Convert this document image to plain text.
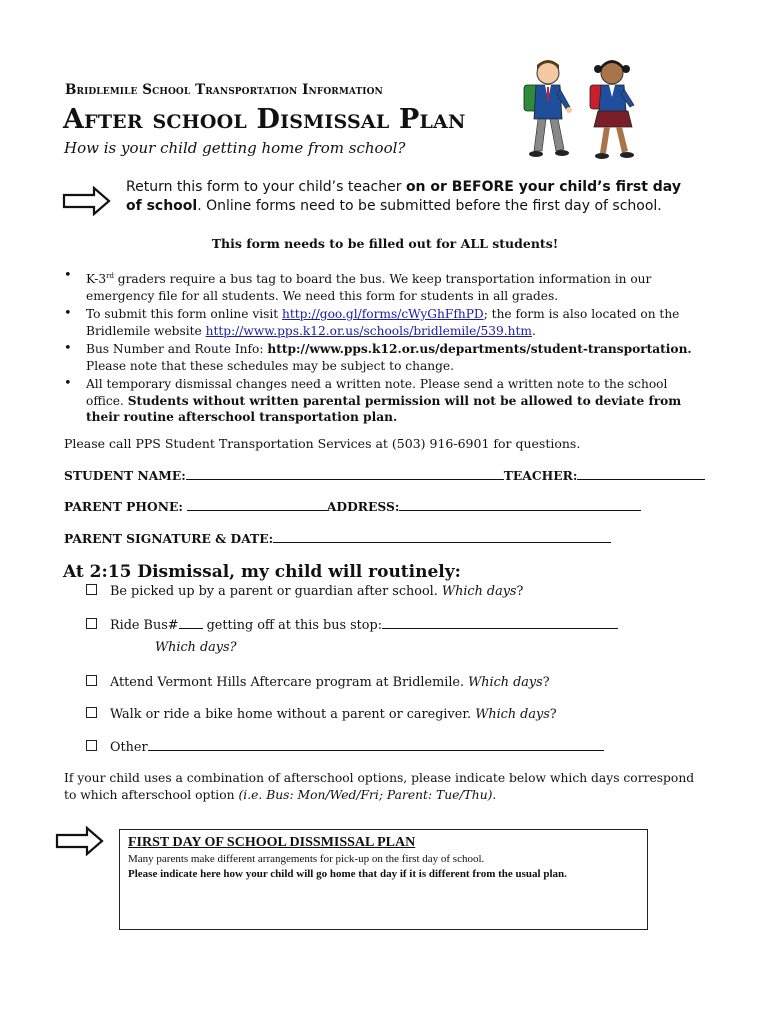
Bridlemile School Transportation Information
After school Dismissal Plan
How is your child getting home from school?
Return this form to your child’s teacher on or BEFORE your child’s first day of school. Online forms need to be submitted before the first day of school.
This form needs to be filled out for ALL students!
• K-3rd graders require a bus tag to board the bus. We keep transportation information in our emergency file for all students. We need this form for students in all grades.
• To submit this form online visit http://goo.gl/forms/cWyGhFfhPD; the form is also located on the Bridlemile website http://www.pps.k12.or.us/schools/bridlemile/539.htm.
• Bus Number and Route Info: http://www.pps.k12.or.us/departments/student-transportation. Please note that these schedules may be subject to change.
• All temporary dismissal changes need a written note. Please send a written note to the school office. Students without written parental permission will not be allowed to deviate from their routine afterschool transportation plan.
Please call PPS Student Transportation Services at (503) 916-6901 for questions.
STUDENT NAME:	TEACHER:
PARENT PHONE:	ADDRESS:
PARENT SIGNATURE & DATE:
At 2:15 Dismissal, my child will routinely:
Be picked up by a parent or guardian after school. Which days?
Ride Bus# getting off at this bus stop:
Which days?
Attend Vermont Hills Aftercare program at Bridlemile. Which days?
Walk or ride a bike home without a parent or caregiver. Which days?
Other
If your child uses a combination of afterschool options, please indicate below which days correspond to which afterschool option (i.e. Bus: Mon/Wed/Fri; Parent: Tue/Thu).
FIRST DAY OF SCHOOL DISSMISSAL PLAN
Many parents make different arrangements for pick-up on the first day of school.
Please indicate here how your child will go home that day if it is different from the usual plan.
